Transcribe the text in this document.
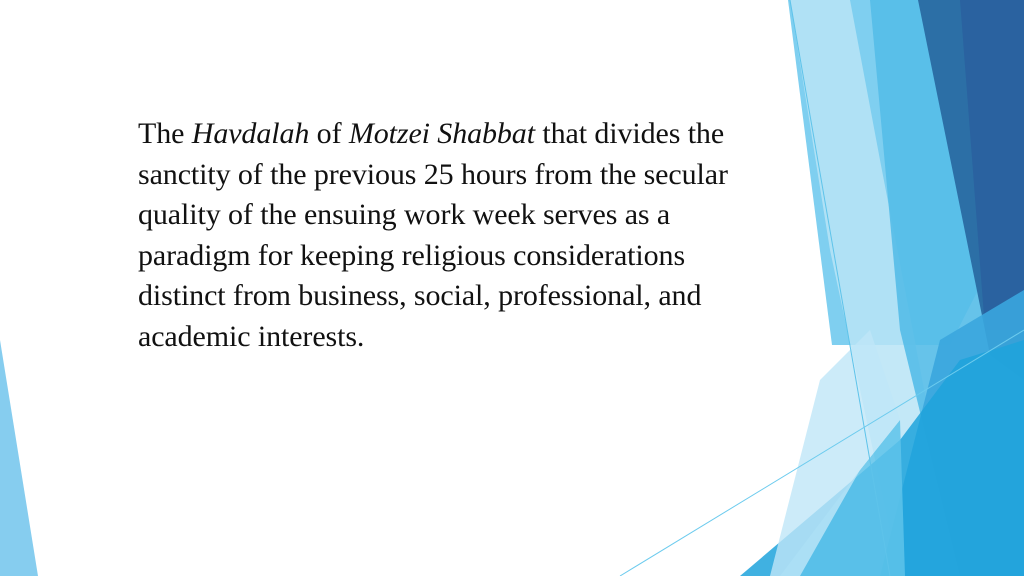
The Havdalah of Motzei Shabbat that divides the sanctity of the previous 25 hours from the secular quality of the ensuing work week serves as a paradigm for keeping religious considerations distinct from business, social, professional, and academic interests.
